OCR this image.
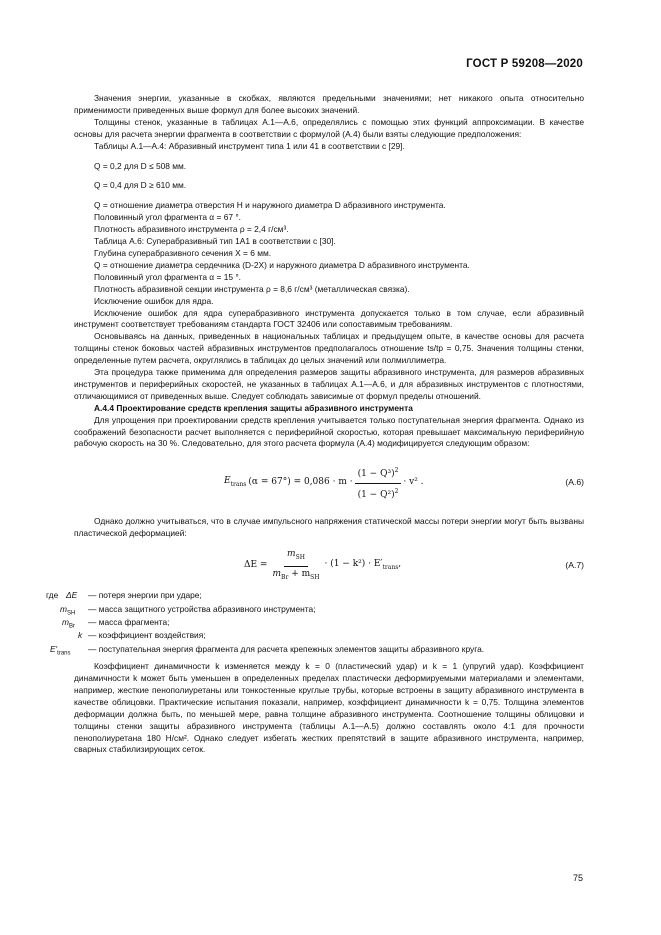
ГОСТ Р 59208—2020

Значения энергии, указанные в скобках, являются предельными значениями; нет никакого опыта относительно применимости приведенных выше формул для более высоких значений.

Толщины стенок, указанные в таблицах А.1—А.6, определялись с помощью этих функций аппроксимации. В качестве основы для расчета энергии фрагмента в соответствии с формулой (А.4) были взяты следующие предположения:

Таблицы А.1—А.4: Абразивный инструмент типа 1 или 41 в соответствии с [29].

Q = 0,2 для D ≤ 508 мм.

Q = 0,4 для D ≥ 610 мм.

Q = отношение диаметра отверстия H и наружного диаметра D абразивного инструмента.

Половинный угол фрагмента α = 67 °.

Плотность абразивного инструмента ρ = 2,4 г/см³.

Таблица А.6: Суперабразивный тип 1А1 в соответствии с [30].

Глубина суперабразивного сечения X = 6 мм.

Q = отношение диаметра сердечника (D-2X) и наружного диаметра D абразивного инструмента.

Половинный угол фрагмента α = 15 °.

Плотность абразивной секции инструмента ρ = 8,6 г/см³ (металлическая связка).

Исключение ошибок для ядра.

Исключение ошибок для ядра суперабразивного инструмента допускается только в том случае, если абразивный инструмент соответствует требованиям стандарта ГОСТ 32406 или сопоставимым требованиям.

Основываясь на данных, приведенных в национальных таблицах и предыдущем опыте, в качестве основы для расчета толщины стенок боковых частей абразивных инструментов предполагалось отношение ts/tp = 0,75. Значения толщины стенки, определенные путем расчета, округлялись в таблицах до целых значений или полмиллиметра.

Эта процедура также применима для определения размеров защиты абразивного инструмента, для размеров абразивных инструментов и периферийных скоростей, не указанных в таблицах А.1—А.6, и для абразивных инструментов с плотностями, отличающимися от приведенных выше. Следует соблюдать зависимые от формул пределы отношений.

А.4.4 Проектирование средств крепления защиты абразивного инструмента

Для упрощения при проектировании средств крепления учитывается только поступательная энергия фрагмента. Однако из соображений безопасности расчет выполняется с периферийной скоростью, которая превышает максимальную периферийную рабочую скорость на 30 %. Следовательно, для этого расчета формула (А.4) модифицируется следующим образом:

$E_{trans}$ $(\alpha = 67^\circ) = 0,086 \cdot m \cdot \frac{(1 - Q^3)^2}{(1 - Q^2)^2} \cdot v^2$ .	(А.6)

Однако должно учитываться, что в случае импульсного напряжения статической массы потери энергии могут быть вызваны пластической деформацией:

$\Delta E = \frac{m_{SH}}{m_{Br} + m_{SH}} \cdot (1 - k^2) \cdot E'_{trans}$,	(А.7)
где ΔE — потеря энергии при ударе;
$m_{SH}$ — масса защитного устройства абразивного инструмента;
$m_{Br}$ — масса фрагмента;
k — коэффициент воздействия;
$E'_{trans}$ — поступательная энергия фрагмента для расчета крепежных элементов защиты абразивного круга.

Коэффициент динамичности k изменяется между k = 0 (пластический удар) и k = 1 (упругий удар). Коэффициент динамичности k может быть уменьшен в определенных пределах пластически деформируемыми материалами и элементами, например, жесткие пенополиуретаны или тонкостенные круглые трубы, которые встроены в защиту абразивного инструмента в качестве облицовки. Практические испытания показали, например, коэффициент динамичности k = 0,75. Толщина элементов деформации должна быть, по меньшей мере, равна толщине абразивного инструмента. Соотношение толщины облицовки и толщины стенки защиты абразивного инструмента (таблицы А.1—А.5) должно составлять около 4:1 для прочности пенополиуретана 180 Н/см². Однако следует избегать жестких препятствий в защите абразивного инструмента, например, сварных стабилизирующих сеток.

75
